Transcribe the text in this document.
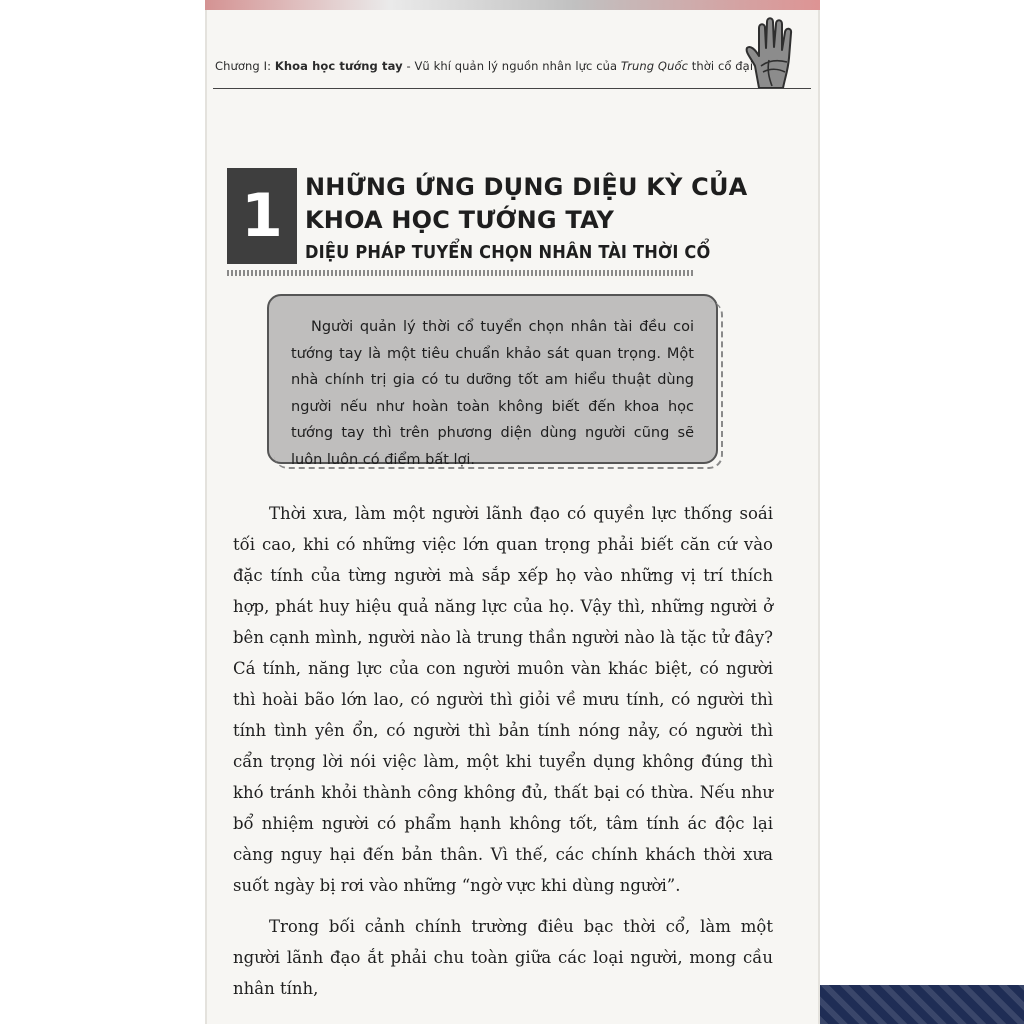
Chương I: Khoa học tướng tay - Vũ khí quản lý nguồn nhân lực của Trung Quốc thời cổ đại
1 NHỮNG ỨNG DỤNG DIỆU KỲ CỦA
KHOA HỌC TƯỚNG TAY
DIỆU PHÁP TUYỂN CHỌN NHÂN TÀI THỜI CỔ

Người quản lý thời cổ tuyển chọn nhân tài đều coi tướng tay là một tiêu chuẩn khảo sát quan trọng. Một nhà chính trị gia có tu dưỡng tốt am hiểu thuật dùng người nếu như hoàn toàn không biết đến khoa học tướng tay thì trên phương diện dùng người cũng sẽ luôn luôn có điểm bất lợi.

Thời xưa, làm một người lãnh đạo có quyền lực thống soái tối cao, khi có những việc lớn quan trọng phải biết căn cứ vào đặc tính của từng người mà sắp xếp họ vào những vị trí thích hợp, phát huy hiệu quả năng lực của họ. Vậy thì, những người ở bên cạnh mình, người nào là trung thần người nào là tặc tử đây? Cá tính, năng lực của con người muôn vàn khác biệt, có người thì hoài bão lớn lao, có người thì giỏi về mưu tính, có người thì tính tình yên ổn, có người thì bản tính nóng nảy, có người thì cẩn trọng lời nói việc làm, một khi tuyển dụng không đúng thì khó tránh khỏi thành công không đủ, thất bại có thừa. Nếu như bổ nhiệm người có phẩm hạnh không tốt, tâm tính ác độc lại càng nguy hại đến bản thân. Vì thế, các chính khách thời xưa suốt ngày bị rơi vào những “ngờ vực khi dùng người”.

Trong bối cảnh chính trường điêu bạc thời cổ, làm một người lãnh đạo ắt phải chu toàn giữa các loại người, mong cầu nhân tính,
